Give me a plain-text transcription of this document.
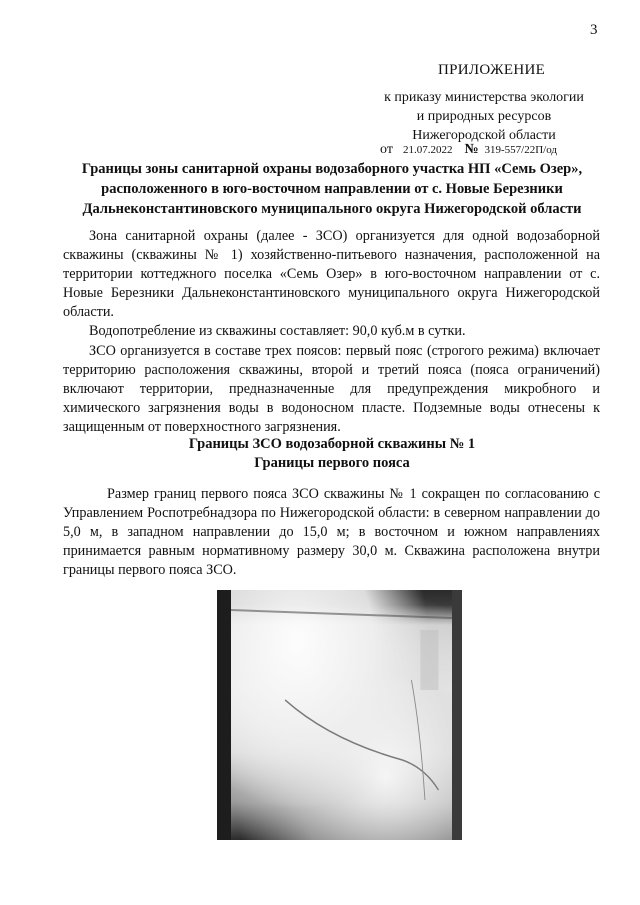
3
ПРИЛОЖЕНИЕ
к приказу министерства экологии
и природных ресурсов
Нижегородской области
от 21.07.2022 № 319-557/22П/од
Границы зоны санитарной охраны водозаборного участка НП «Семь Озер»,
расположенного в юго-восточном направлении от с. Новые Березники
Дальнеконстантиновского муниципального округа Нижегородской области

Зона санитарной охраны (далее - ЗСО) организуется для одной водозаборной скважины (скважины № 1) хозяйственно-питьевого назначения, расположенной на территории коттеджного поселка «Семь Озер» в юго-восточном направлении от с. Новые Березники Дальнеконстантиновского муниципального округа Нижегородской области.

Водопотребление из скважины составляет: 90,0 куб.м в сутки.

ЗСО организуется в составе трех поясов: первый пояс (строгого режима) включает территорию расположения скважины, второй и третий пояса (пояса ограничений) включают территории, предназначенные для предупреждения микробного и химического загрязнения воды в водоносном пласте. Подземные воды отнесены к защищенным от поверхностного загрязнения.

Границы ЗСО водозаборной скважины № 1
Границы первого пояса

Размер границ первого пояса ЗСО скважины № 1 сокращен по согласованию с Управлением Роспотребнадзора по Нижегородской области: в северном направлении до 5,0 м, в западном направлении до 15,0 м; в восточном и южном направлениях принимается равным нормативному размеру 30,0 м. Скважина расположена внутри границы первого пояса ЗСО.
